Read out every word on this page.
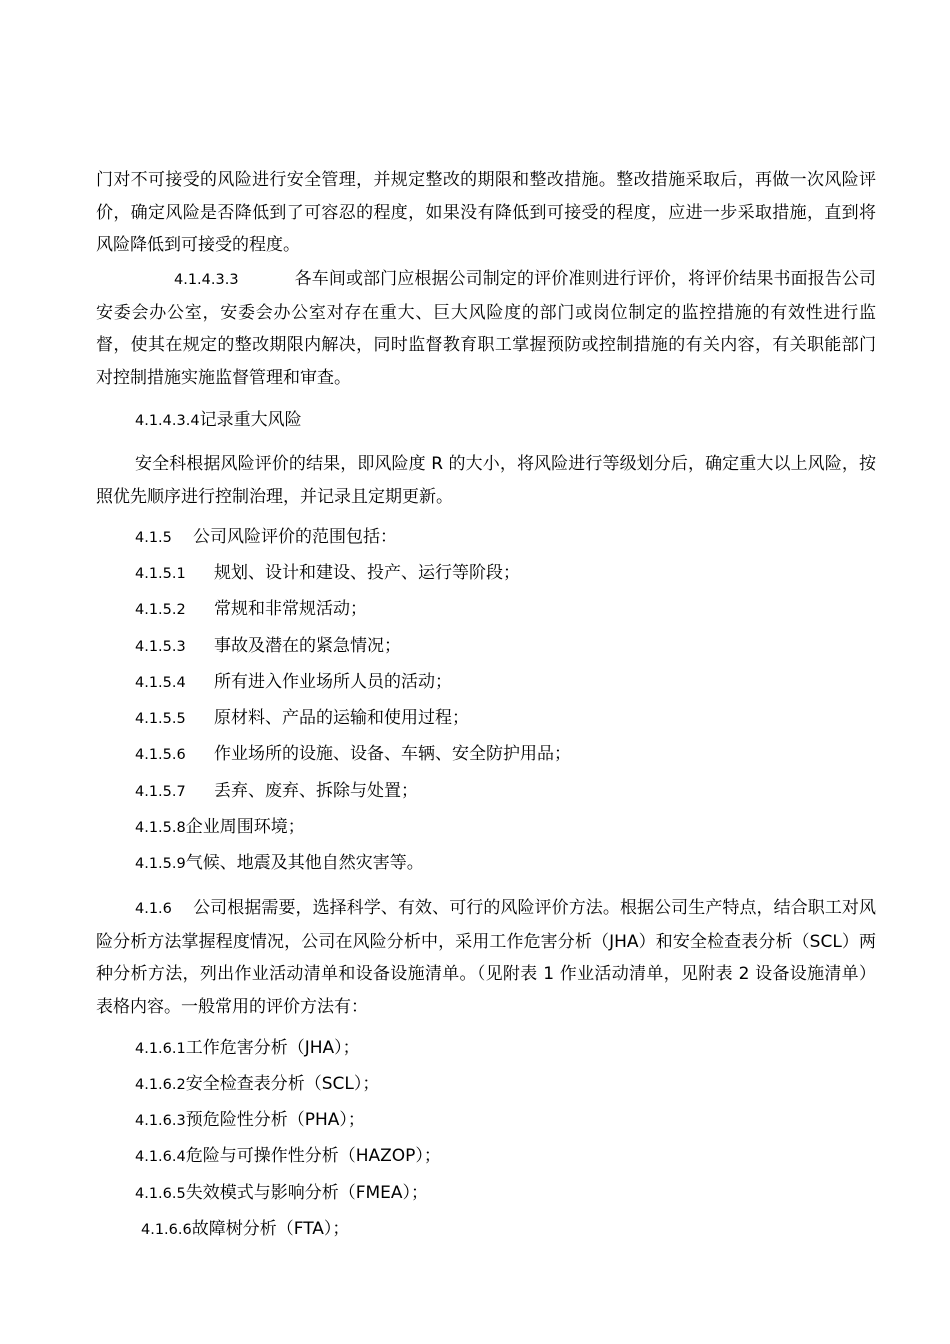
门对不可接受的风险进行安全管理，并规定整改的期限和整改措施。整改措施采取后，再做一次风险评价，确定风险是否降低到了可容忍的程度，如果没有降低到可接受的程度，应进一步采取措施，直到将风险降低到可接受的程度。

4.1.4.3.3	各车间或部门应根据公司制定的评价准则进行评价，将评价结果书面报告公司安委会办公室，安委会办公室对存在重大、巨大风险度的部门或岗位制定的监控措施的有效性进行监督，使其在规定的整改期限内解决，同时监督教育职工掌握预防或控制措施的有关内容，有关职能部门对控制措施实施监督管理和审查。

4.1.4.3.4记录重大风险

安全科根据风险评价的结果，即风险度 R 的大小，将风险进行等级划分后，确定重大以上风险，按照优先顺序进行控制治理，并记录且定期更新。

4.1.5 公司风险评价的范围包括：
4.1.5.1 规划、设计和建设、投产、运行等阶段；
4.1.5.2 常规和非常规活动；
4.1.5.3 事故及潜在的紧急情况；
4.1.5.4 所有进入作业场所人员的活动；
4.1.5.5 原材料、产品的运输和使用过程；
4.1.5.6 作业场所的设施、设备、车辆、安全防护用品；
4.1.5.7 丢弃、废弃、拆除与处置；
4.1.5.8企业周围环境；
4.1.5.9气候、地震及其他自然灾害等。

4.1.6 公司根据需要，选择科学、有效、可行的风险评价方法。根据公司生产特点，结合职工对风险分析方法掌握程度情况，公司在风险分析中，采用工作危害分析（JHA）和安全检查表分析（SCL）两种分析方法，列出作业活动清单和设备设施清单。（见附表 1 作业活动清单，见附表 2 设备设施清单）表格内容。一般常用的评价方法有：

4.1.6.1工作危害分析（JHA）；
4.1.6.2安全检查表分析（SCL）；
4.1.6.3预危险性分析（PHA）；
4.1.6.4危险与可操作性分析（HAZOP）；
4.1.6.5失效模式与影响分析（FMEA）；
4.1.6.6故障树分析（FTA）；
